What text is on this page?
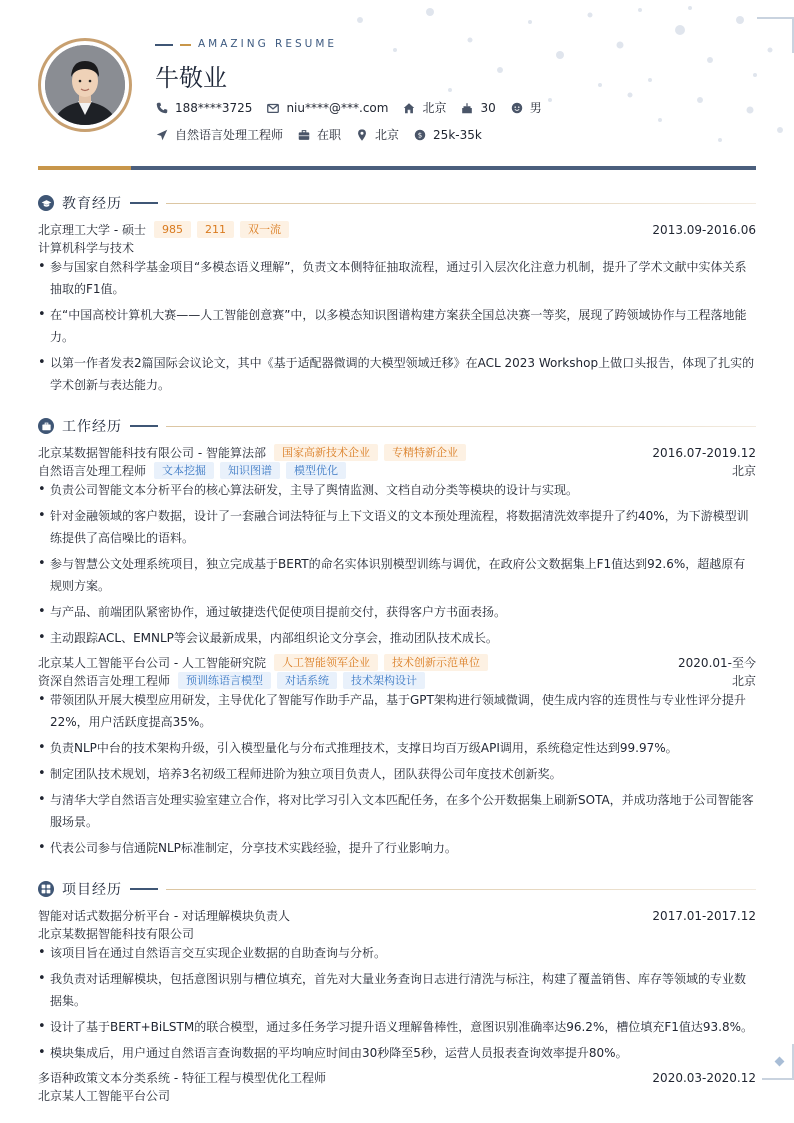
AMAZING RESUME
牛敬业
188****3725	niu****@***.com	北京	30	男
自然语言处理工程师	在职	北京 $ 25k-35k
教育经历
北京理工大学 - 硕士	985	211	双一流	2013.09-2016.06
计算机科学与技术
• 参与国家自然科学基金项目“多模态语义理解”，负责文本侧特征抽取流程，通过引入层次化注意力机制，提升了学术文献中实体关系抽取的F1值。
• 在“中国高校计算机大赛——人工智能创意赛”中，以多模态知识图谱构建方案获全国总决赛一等奖，展现了跨领域协作与工程落地能力。
• 以第一作者发表2篇国际会议论文，其中《基于适配器微调的大模型领域迁移》在ACL 2023 Workshop上做口头报告，体现了扎实的学术创新与表达能力。
工作经历
北京某数据智能科技有限公司 - 智能算法部	国家高新技术企业	专精特新企业	2016.07-2019.12
自然语言处理工程师	文本挖掘	知识图谱	模型优化	北京
• 负责公司智能文本分析平台的核心算法研发，主导了舆情监测、文档自动分类等模块的设计与实现。
• 针对金融领域的客户数据，设计了一套融合词法特征与上下文语义的文本预处理流程，将数据清洗效率提升了约40%，为下游模型训练提供了高信噪比的语料。
• 参与智慧公文处理系统项目，独立完成基于BERT的命名实体识别模型训练与调优，在政府公文数据集上F1值达到92.6%，超越原有规则方案。
• 与产品、前端团队紧密协作，通过敏捷迭代促使项目提前交付，获得客户方书面表扬。
• 主动跟踪ACL、EMNLP等会议最新成果，内部组织论文分享会，推动团队技术成长。
北京某人工智能平台公司 - 人工智能研究院	人工智能领军企业	技术创新示范单位	2020.01-至今
资深自然语言处理工程师	预训练语言模型	对话系统	技术架构设计	北京
• 带领团队开展大模型应用研发，主导优化了智能写作助手产品，基于GPT架构进行领域微调，使生成内容的连贯性与专业性评分提升22%，用户活跃度提高35%。
• 负责NLP中台的技术架构升级，引入模型量化与分布式推理技术，支撑日均百万级API调用，系统稳定性达到99.97%。
• 制定团队技术规划，培养3名初级工程师进阶为独立项目负责人，团队获得公司年度技术创新奖。
• 与清华大学自然语言处理实验室建立合作，将对比学习引入文本匹配任务，在多个公开数据集上刷新SOTA，并成功落地于公司智能客服场景。
• 代表公司参与信通院NLP标准制定，分享技术实践经验，提升了行业影响力。
项目经历
智能对话式数据分析平台 - 对话理解模块负责人	2017.01-2017.12
北京某数据智能科技有限公司
• 该项目旨在通过自然语言交互实现企业数据的自助查询与分析。
• 我负责对话理解模块，包括意图识别与槽位填充，首先对大量业务查询日志进行清洗与标注，构建了覆盖销售、库存等领域的专业数据集。
• 设计了基于BERT+BiLSTM的联合模型，通过多任务学习提升语义理解鲁棒性，意图识别准确率达96.2%，槽位填充F1值达93.8%。
• 模块集成后，用户通过自然语言查询数据的平均响应时间由30秒降至5秒，运营人员报表查询效率提升80%。
多语种政策文本分类系统 - 特征工程与模型优化工程师	2020.03-2020.12
北京某人工智能平台公司
